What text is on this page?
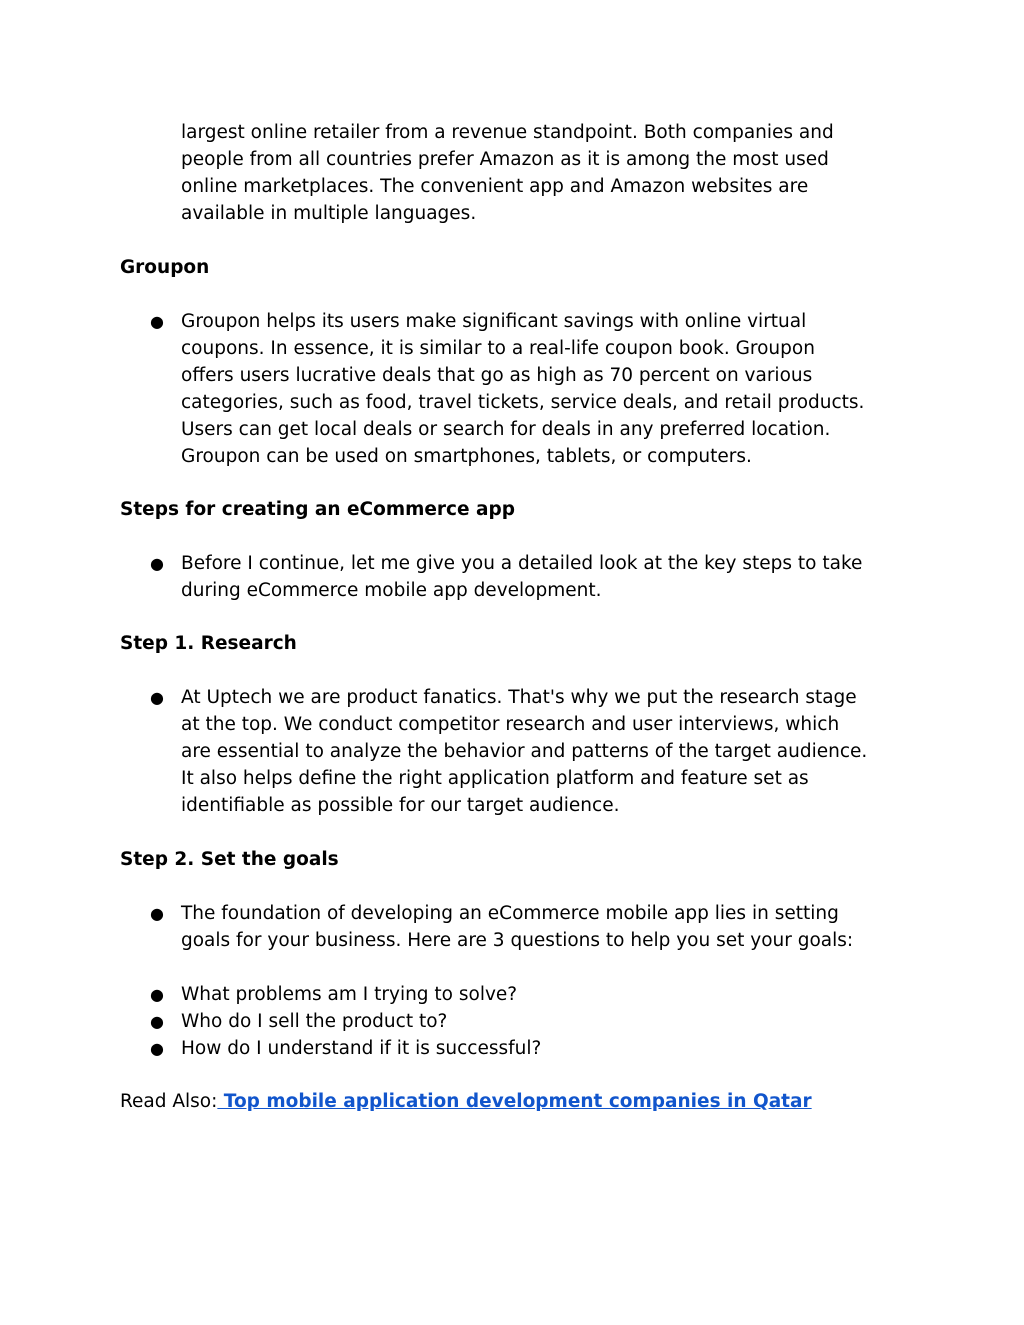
largest online retailer from a revenue standpoint. Both companies and
people from all countries prefer Amazon as it is among the most used
online marketplaces. The convenient app and Amazon websites are
available in multiple languages.

Groupon
● Groupon helps its users make significant savings with online virtual
coupons. In essence, it is similar to a real-life coupon book. Groupon
offers users lucrative deals that go as high as 70 percent on various
categories, such as food, travel tickets, service deals, and retail products.
Users can get local deals or search for deals in any preferred location.
Groupon can be used on smartphones, tablets, or computers.
Steps for creating an eCommerce app
● Before I continue, let me give you a detailed look at the key steps to take
during eCommerce mobile app development.
Step 1. Research
● At Uptech we are product fanatics. That's why we put the research stage
at the top. We conduct competitor research and user interviews, which
are essential to analyze the behavior and patterns of the target audience.
It also helps define the right application platform and feature set as
identifiable as possible for our target audience.
Step 2. Set the goals
● The foundation of developing an eCommerce mobile app lies in setting
goals for your business. Here are 3 questions to help you set your goals:
● What problems am I trying to solve?
● Who do I sell the product to?
● How do I understand if it is successful?

Read Also: Top mobile application development companies in Qatar
